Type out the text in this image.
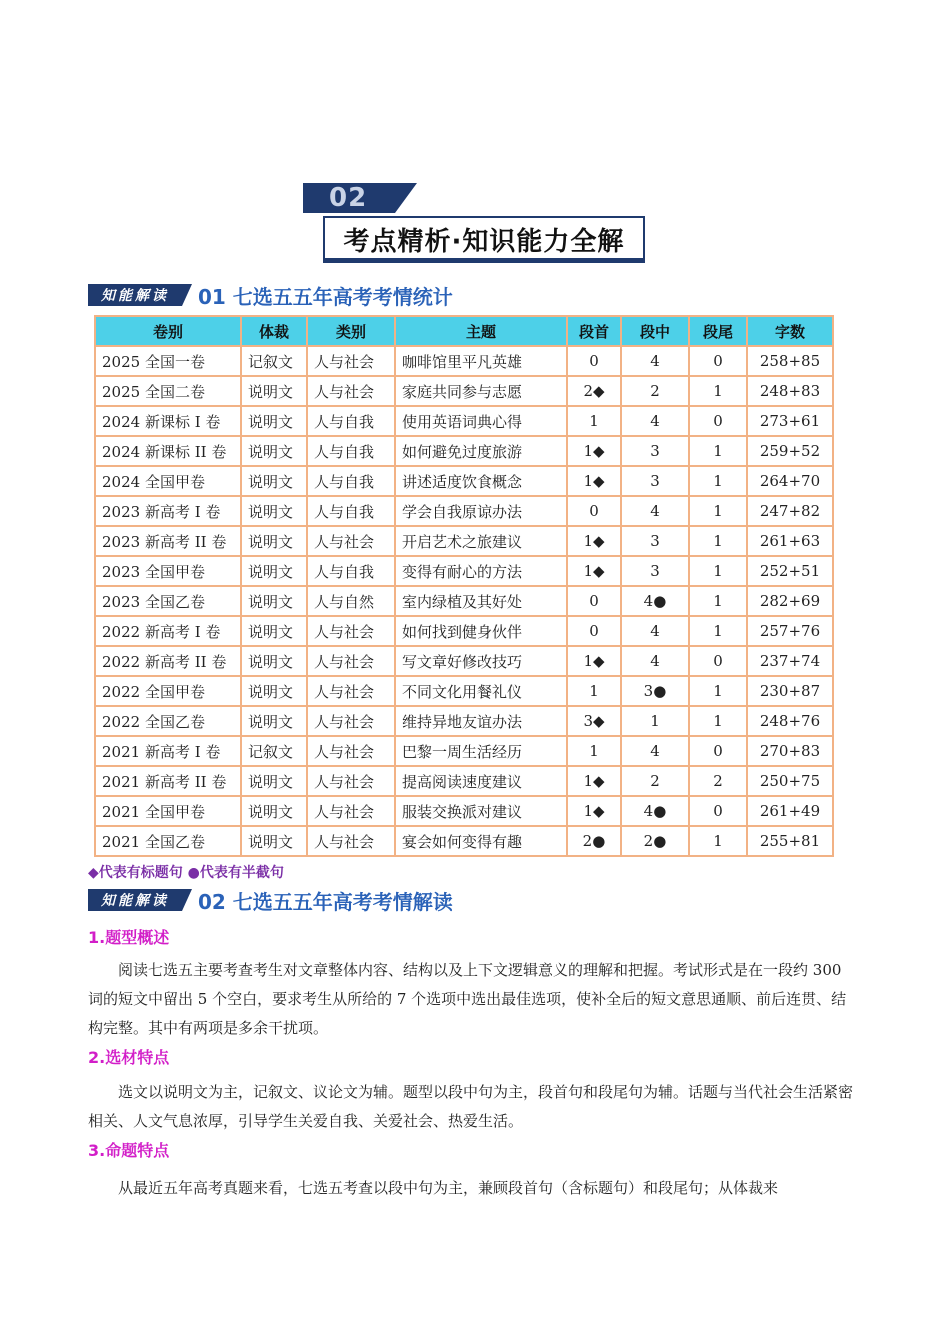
02
考点精析·知识能力全解
知能解读	01 七选五五年高考考情统计
卷别	体裁	类别	主题	段首	段中	段尾	字数
2025 全国一卷	记叙文	人与社会	咖啡馆里平凡英雄	0	4	0	258+85
2025 全国二卷	说明文	人与社会	家庭共同参与志愿	2◆	2	1	248+83
2024 新课标 I 卷	说明文	人与自我	使用英语词典心得	1	4	0	273+61
2024 新课标 II 卷	说明文	人与自我	如何避免过度旅游	1◆	3	1	259+52
2024 全国甲卷	说明文	人与自我	讲述适度饮食概念	1◆	3	1	264+70
2023 新高考 I 卷	说明文	人与自我	学会自我原谅办法	0	4	1	247+82
2023 新高考 II 卷	说明文	人与社会	开启艺术之旅建议	1◆	3	1	261+63
2023 全国甲卷	说明文	人与自我	变得有耐心的方法	1◆	3	1	252+51
2023 全国乙卷	说明文	人与自然	室内绿植及其好处	0	4●	1	282+69
2022 新高考 I 卷	说明文	人与社会	如何找到健身伙伴	0	4	1	257+76
2022 新高考 II 卷	说明文	人与社会	写文章好修改技巧	1◆	4	0	237+74
2022 全国甲卷	说明文	人与社会	不同文化用餐礼仪	1	3●	1	230+87
2022 全国乙卷	说明文	人与社会	维持异地友谊办法	3◆	1	1	248+76
2021 新高考 I 卷	记叙文	人与社会	巴黎一周生活经历	1	4	0	270+83
2021 新高考 II 卷	说明文	人与社会	提高阅读速度建议	1◆	2	2	250+75
2021 全国甲卷	说明文	人与社会	服装交换派对建议	1◆	4●	0	261+49
2021 全国乙卷	说明文	人与社会	宴会如何变得有趣	2●	2●	1	255+81
◆代表有标题句 ●代表有半截句
知能解读	02 七选五五年高考考情解读
1.题型概述
阅读七选五主要考查考生对文章整体内容、结构以及上下文逻辑意义的理解和把握。考试形式是在一段约 300 词的短文中留出 5 个空白，要求考生从所给的 7 个选项中选出最佳选项，使补全后的短文意思通顺、前后连贯、结构完整。其中有两项是多余干扰项。
2.选材特点
选文以说明文为主，记叙文、议论文为辅。题型以段中句为主，段首句和段尾句为辅。话题与当代社会生活紧密相关、人文气息浓厚，引导学生关爱自我、关爱社会、热爱生活。
3.命题特点
从最近五年高考真题来看，七选五考查以段中句为主，兼顾段首句（含标题句）和段尾句；从体裁来
